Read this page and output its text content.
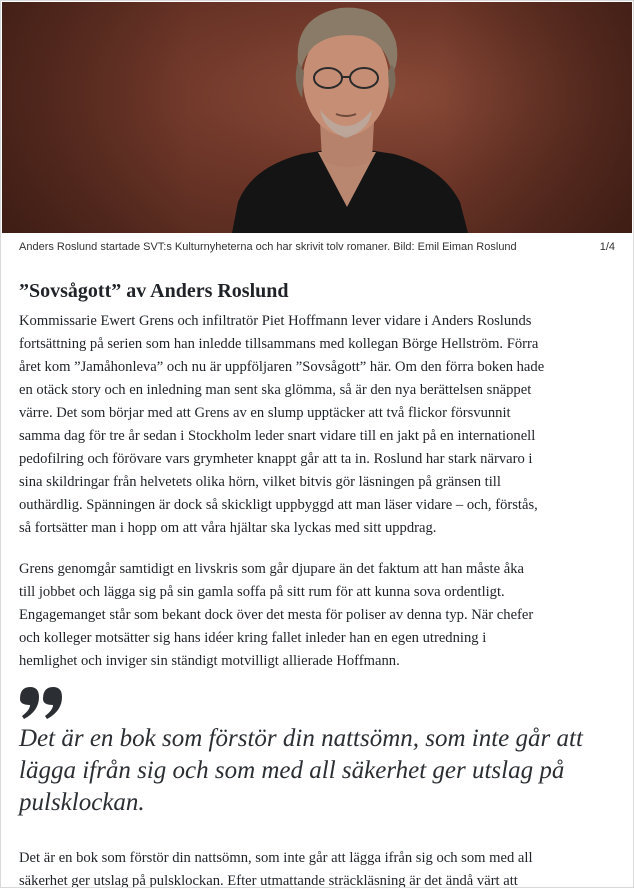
Anders Roslund startade SVT:s Kulturnyheterna och har skrivit tolv romaner. Bild: Emil Eiman Roslund	1/4
”Sovsågott” av Anders Roslund

Kommissarie Ewert Grens och infiltratör Piet Hoffmann lever vidare i Anders Roslunds
fortsättning på serien som han inledde tillsammans med kollegan Börge Hellström. Förra
året kom ”Jamåhonleva” och nu är uppföljaren ”Sovsågott” här. Om den förra boken hade
en otäck story och en inledning man sent ska glömma, så är den nya berättelsen snäppet
värre. Det som börjar med att Grens av en slump upptäcker att två flickor försvunnit
samma dag för tre år sedan i Stockholm leder snart vidare till en jakt på en internationell
pedofilring och förövare vars grymheter knappt går att ta in. Roslund har stark närvaro i
sina skildringar från helvetets olika hörn, vilket bitvis gör läsningen på gränsen till
outhärdlig. Spänningen är dock så skickligt uppbyggd att man läser vidare – och, förstås,
så fortsätter man i hopp om att våra hjältar ska lyckas med sitt uppdrag.

Grens genomgår samtidigt en livskris som går djupare än det faktum att han måste åka
till jobbet och lägga sig på sin gamla soffa på sitt rum för att kunna sova ordentligt.
Engagemanget står som bekant dock över det mesta för poliser av denna typ. När chefer
och kolleger motsätter sig hans idéer kring fallet inleder han en egen utredning i
hemlighet och inviger sin ständigt motvilligt allierade Hoffmann.

Det är en bok som förstör din nattsömn, som inte går att
lägga ifrån sig och som med all säkerhet ger utslag på
pulsklockan.

Det är en bok som förstör din nattsömn, som inte går att lägga ifrån sig och som med all
säkerhet ger utslag på pulsklockan. Efter utmattande sträckläsning är det ändå värt att
